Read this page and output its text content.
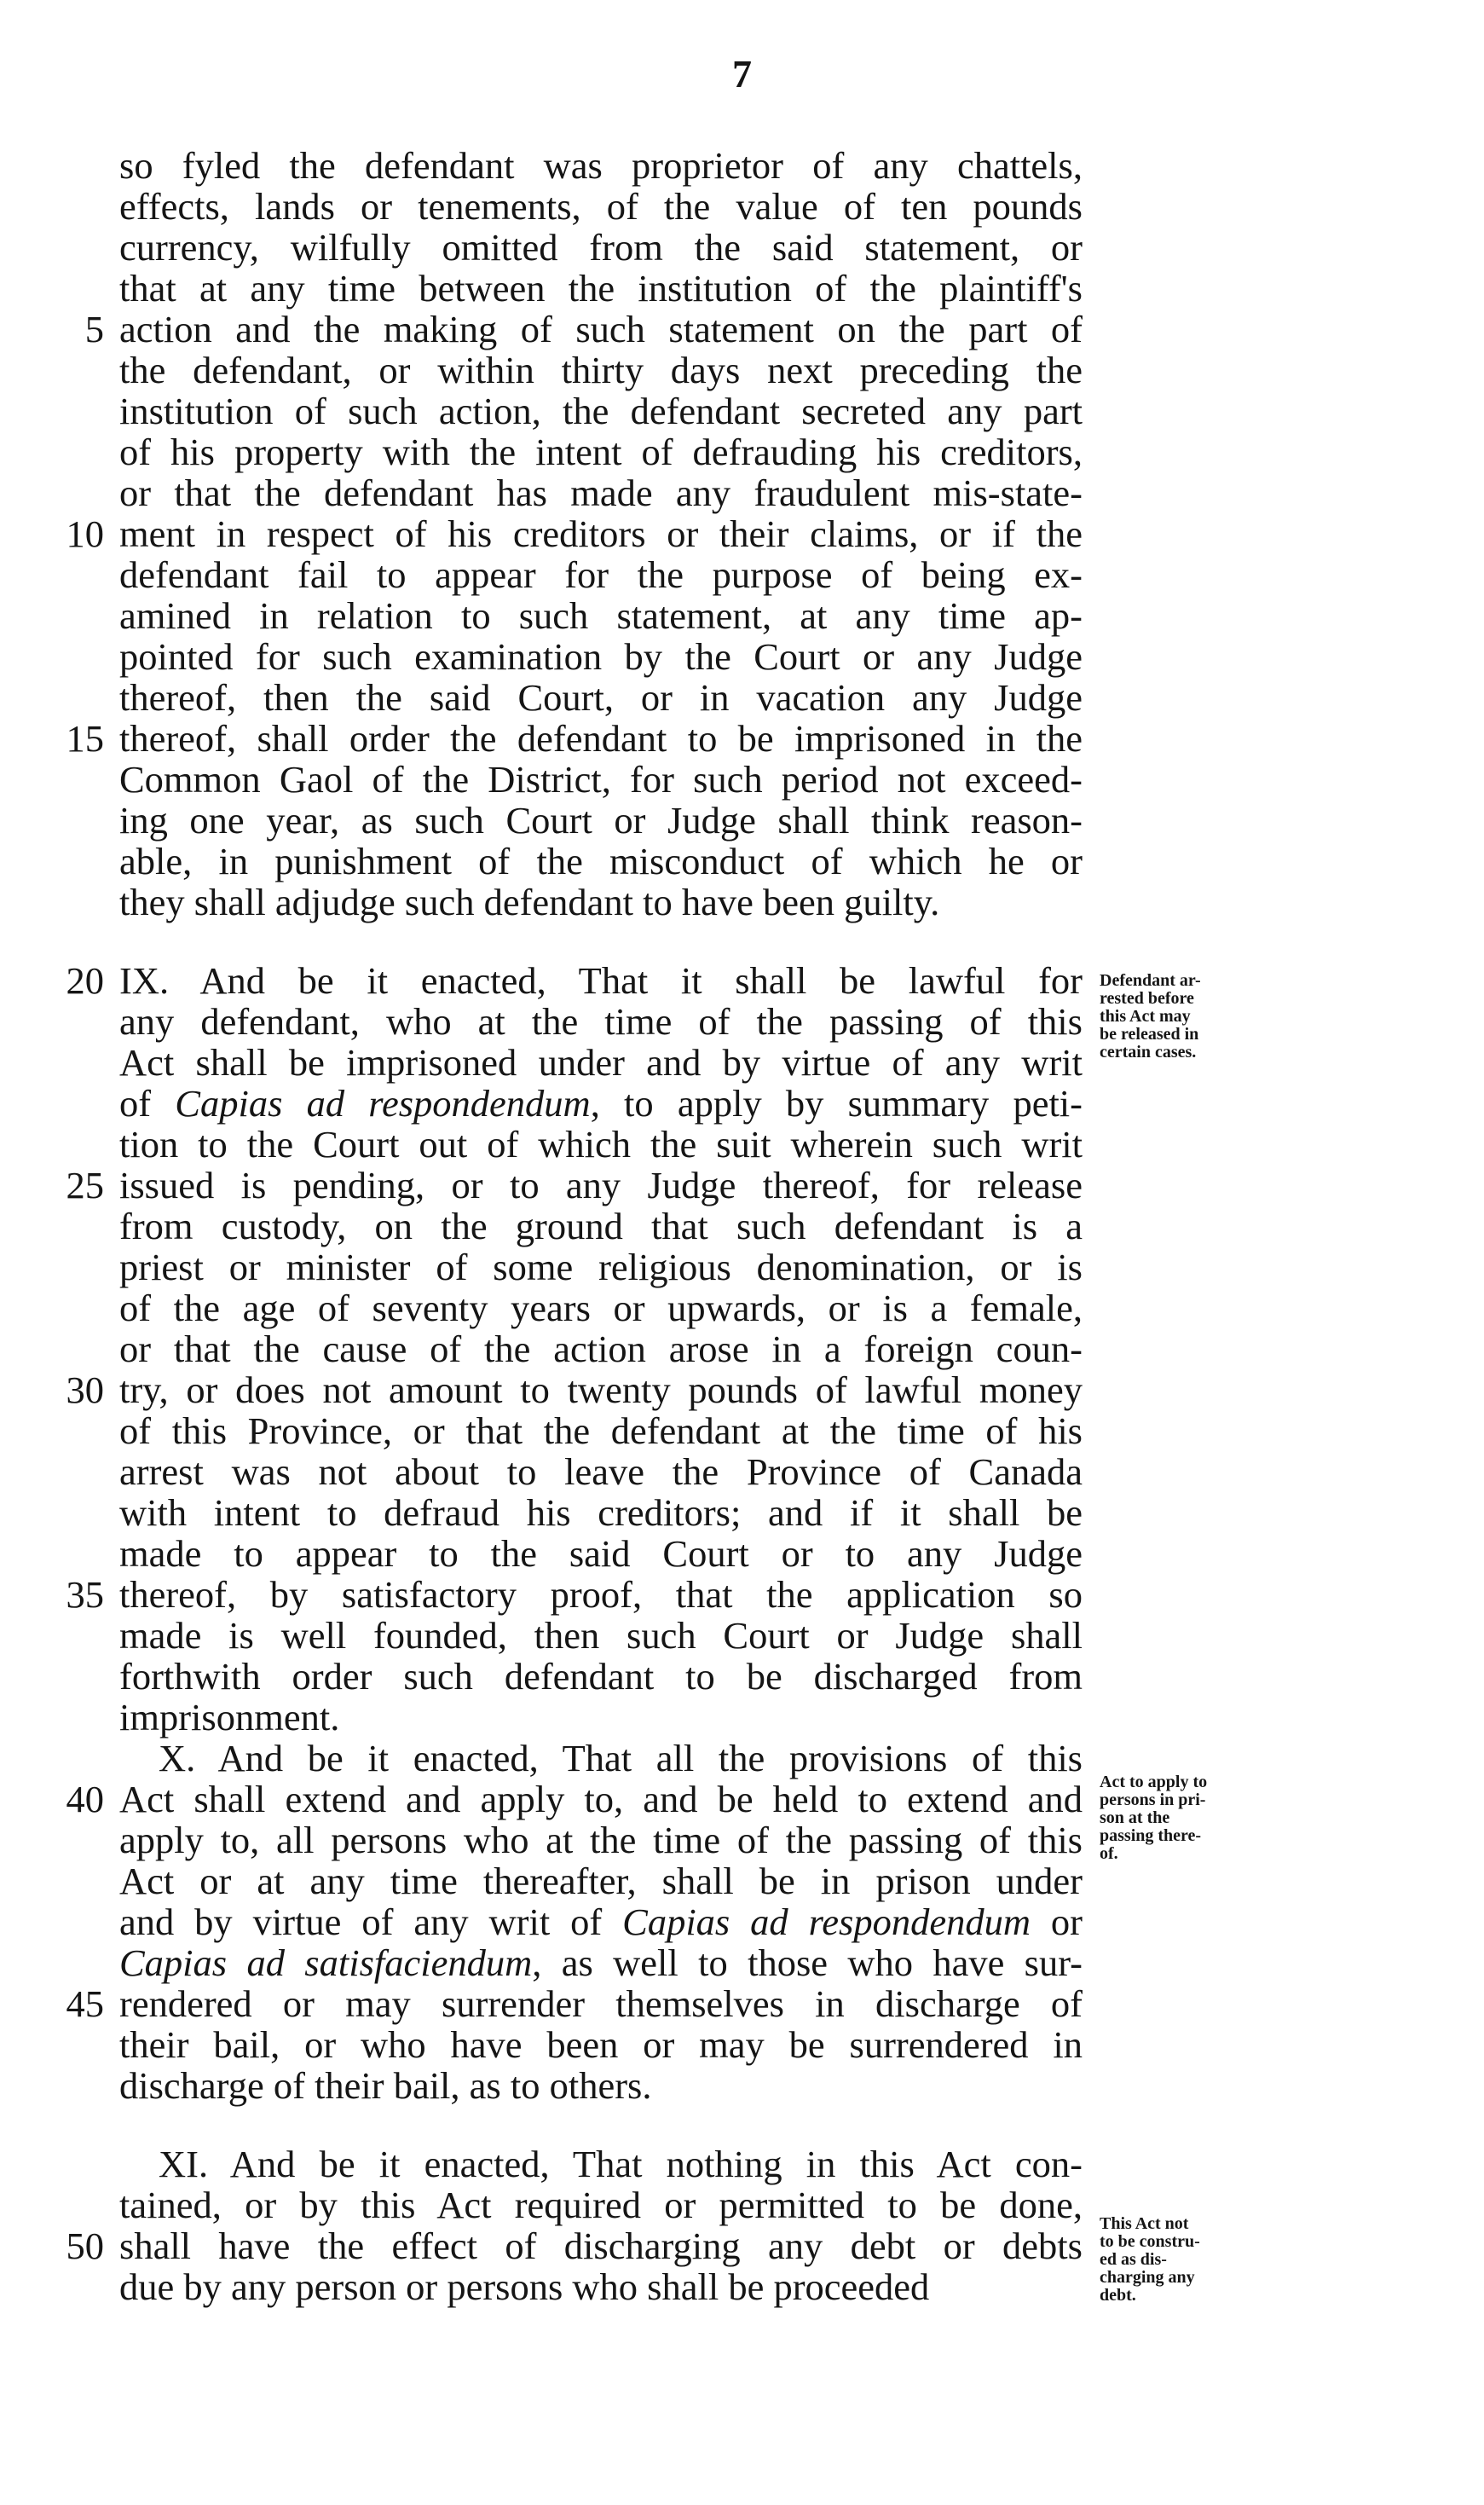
7
so fyled the defendant was proprietor of any chattels,
effects, lands or tenements, of the value of ten pounds
currency, wilfully omitted from the said statement, or
that at any time between the institution of the plaintiff's
action and the making of such statement on the part of
5
the defendant, or within thirty days next preceding the
institution of such action, the defendant secreted any part
of his property with the intent of defrauding his creditors,
or that the defendant has made any fraudulent mis-state-
ment in respect of his creditors or their claims, or if the
10
defendant fail to appear for the purpose of being ex-
amined in relation to such statement, at any time ap-
pointed for such examination by the Court or any Judge
thereof, then the said Court, or in vacation any Judge
thereof, shall order the defendant to be imprisoned in the
15
Common Gaol of the District, for such period not exceed-
ing one year, as such Court or Judge shall think reason-
able, in punishment of the misconduct of which he or
they shall adjudge such defendant to have been guilty.
IX. And be it enacted, That it shall be lawful for
20
any defendant, who at the time of the passing of this
Act shall be imprisoned under and by virtue of any writ
of Capias ad respondendum, to apply by summary peti-
tion to the Court out of which the suit wherein such writ
issued is pending, or to any Judge thereof, for release
25
from custody, on the ground that such defendant is a
priest or minister of some religious denomination, or is
of the age of seventy years or upwards, or is a female,
or that the cause of the action arose in a foreign coun-
try, or does not amount to twenty pounds of lawful money
30
of this Province, or that the defendant at the time of his
arrest was not about to leave the Province of Canada
with intent to defraud his creditors; and if it shall be
made to appear to the said Court or to any Judge
thereof, by satisfactory proof, that the application so
35
made is well founded, then such Court or Judge shall
forthwith order such defendant to be discharged from
imprisonment.
X. And be it enacted, That all the provisions of this
Act shall extend and apply to, and be held to extend and
40
apply to, all persons who at the time of the passing of this
Act or at any time thereafter, shall be in prison under
and by virtue of any writ of Capias ad respondendum or
Capias ad satisfaciendum, as well to those who have sur-
rendered or may surrender themselves in discharge of
45
their bail, or who have been or may be surrendered in
discharge of their bail, as to others.
XI. And be it enacted, That nothing in this Act con-
tained, or by this Act required or permitted to be done,
shall have the effect of discharging any debt or debts
50
due by any person or persons who shall be proceeded
Defendant ar-
rested before
this Act may
be released in
certain cases.
Act to apply to
persons in pri-
son at the
passing there-
of.
This Act not
to be constru-
ed as dis-
charging any
debt.
